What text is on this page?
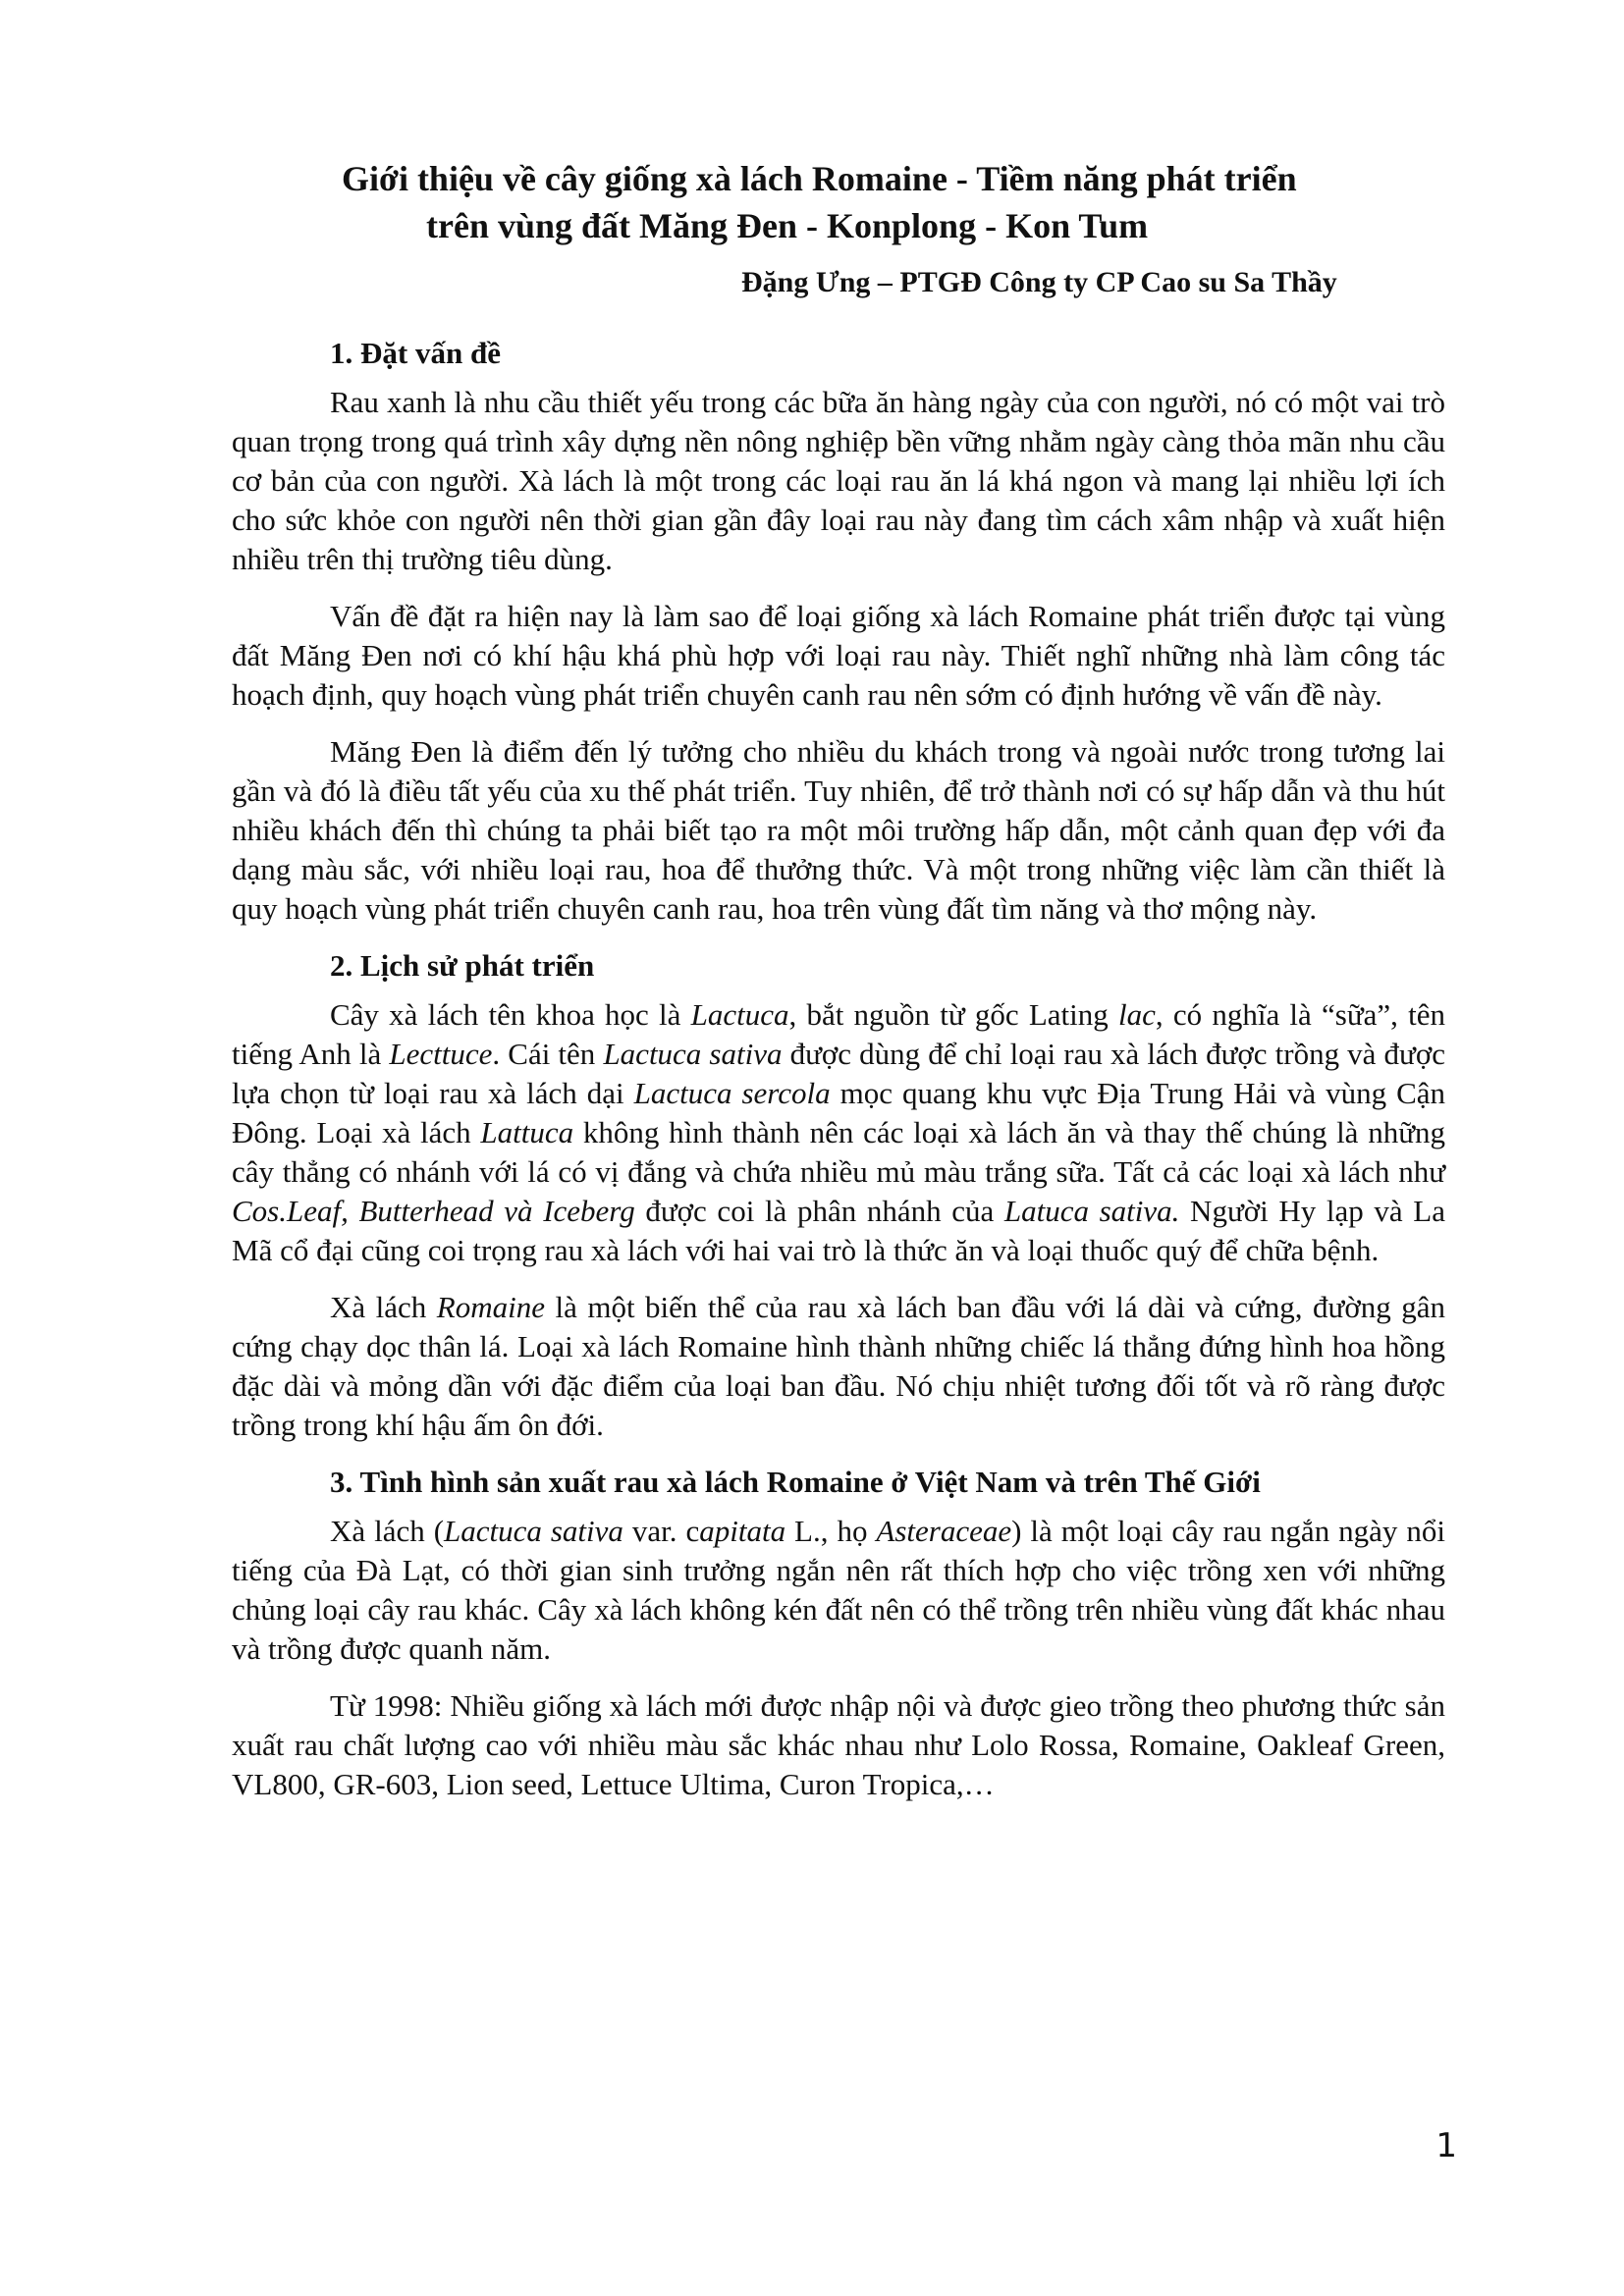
Giới thiệu về cây giống xà lách Romaine - Tiềm năng phát triển
trên vùng đất Măng Đen - Konplong - Kon Tum

Đặng Ưng – PTGĐ Công ty CP Cao su Sa Thầy

1. Đặt vấn đề

Rau xanh là nhu cầu thiết yếu trong các bữa ăn hàng ngày của con người, nó có một vai trò quan trọng trong quá trình xây dựng nền nông nghiệp bền vững nhằm ngày càng thỏa mãn nhu cầu cơ bản của con người. Xà lách là một trong các loại rau ăn lá khá ngon và mang lại nhiều lợi ích cho sức khỏe con người nên thời gian gần đây loại rau này đang tìm cách xâm nhập và xuất hiện nhiều trên thị trường tiêu dùng.

Vấn đề đặt ra hiện nay là làm sao để loại giống xà lách Romaine phát triển được tại vùng đất Măng Đen nơi có khí hậu khá phù hợp với loại rau này. Thiết nghĩ những nhà làm công tác hoạch định, quy hoạch vùng phát triển chuyên canh rau nên sớm có định hướng về vấn đề này.

Măng Đen là điểm đến lý tưởng cho nhiều du khách trong và ngoài nước trong tương lai gần và đó là điều tất yếu của xu thế phát triển. Tuy nhiên, để trở thành nơi có sự hấp dẫn và thu hút nhiều khách đến thì chúng ta phải biết tạo ra một môi trường hấp dẫn, một cảnh quan đẹp với đa dạng màu sắc, với nhiều loại rau, hoa để thưởng thức. Và một trong những việc làm cần thiết là quy hoạch vùng phát triển chuyên canh rau, hoa trên vùng đất tìm năng và thơ mộng này.

2. Lịch sử phát triển

Cây xà lách tên khoa học là Lactuca, bắt nguồn từ gốc Lating lac, có nghĩa là “sữa”, tên tiếng Anh là Lecttuce. Cái tên Lactuca sativa được dùng để chỉ loại rau xà lách được trồng và được lựa chọn từ loại rau xà lách dại Lactuca sercola mọc quang khu vực Địa Trung Hải và vùng Cận Đông. Loại xà lách Lattuca không hình thành nên các loại xà lách ăn và thay thế chúng là những cây thẳng có nhánh với lá có vị đắng và chứa nhiều mủ màu trắng sữa. Tất cả các loại xà lách như Cos.Leaf, Butterhead và Iceberg được coi là phân nhánh của Latuca sativa. Người Hy lạp và La Mã cổ đại cũng coi trọng rau xà lách với hai vai trò là thức ăn và loại thuốc quý để chữa bệnh.

Xà lách Romaine là một biến thể của rau xà lách ban đầu với lá dài và cứng, đường gân cứng chạy dọc thân lá. Loại xà lách Romaine hình thành những chiếc lá thẳng đứng hình hoa hồng đặc dài và mỏng dần với đặc điểm của loại ban đầu. Nó chịu nhiệt tương đối tốt và rõ ràng được trồng trong khí hậu ấm ôn đới.

3. Tình hình sản xuất rau xà lách Romaine ở Việt Nam và trên Thế Giới

Xà lách (Lactuca sativa var. capitata L., họ Asteraceae) là một loại cây rau ngắn ngày nổi tiếng của Đà Lạt, có thời gian sinh trưởng ngắn nên rất thích hợp cho việc trồng xen với những chủng loại cây rau khác. Cây xà lách không kén đất nên có thể trồng trên nhiều vùng đất khác nhau và trồng được quanh năm.

Từ 1998: Nhiều giống xà lách mới được nhập nội và được gieo trồng theo phương thức sản xuất rau chất lượng cao với nhiều màu sắc khác nhau như Lolo Rossa, Romaine, Oakleaf Green, VL800, GR-603, Lion seed, Lettuce Ultima, Curon Tropica,…

1
